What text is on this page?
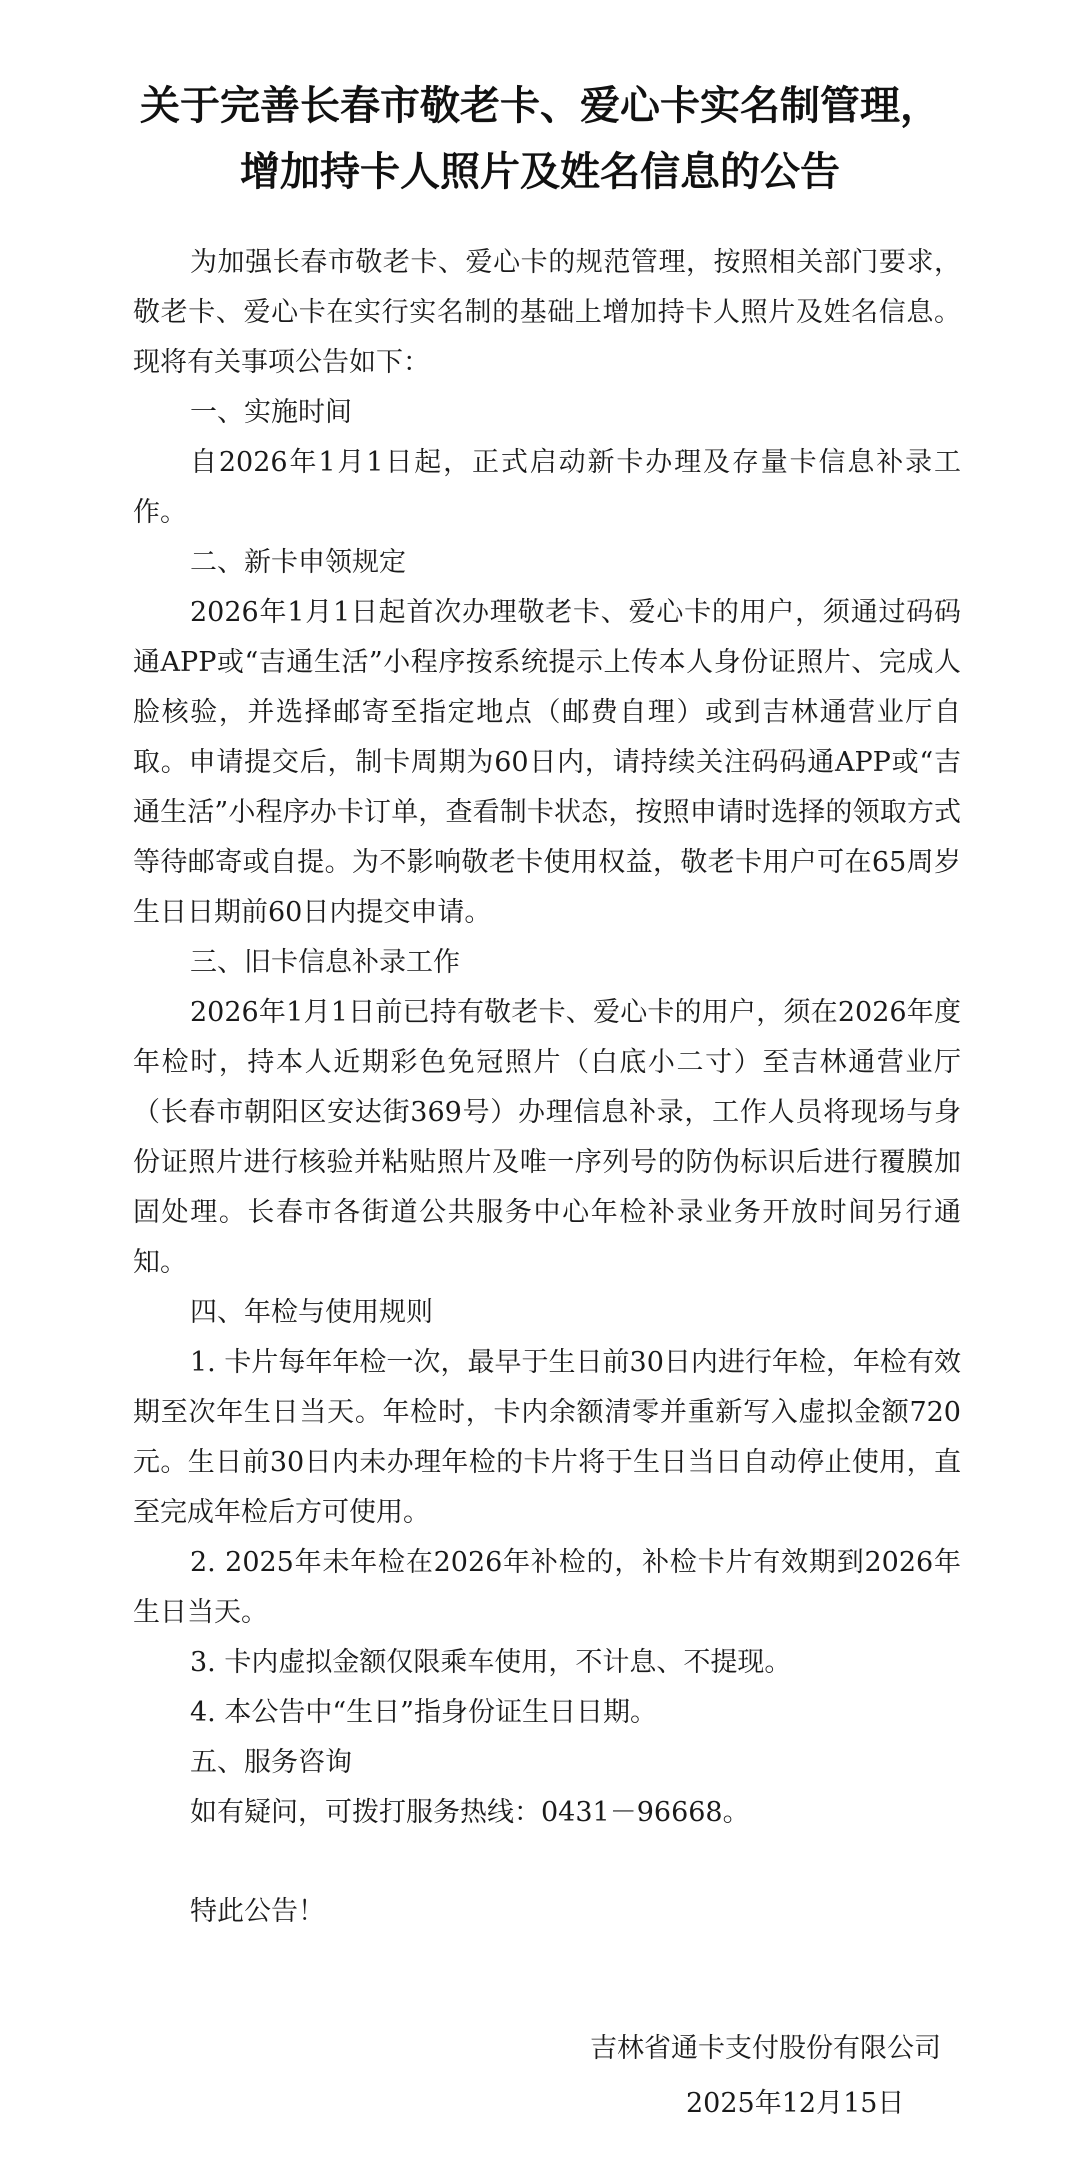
关于完善长春市敬老卡、爱心卡实名制管理，
增加持卡人照片及姓名信息的公告

为加强长春市敬老卡、爱心卡的规范管理，按照相关部门要求，敬老卡、爱心卡在实行实名制的基础上增加持卡人照片及姓名信息。现将有关事项公告如下：

一、实施时间

自2026年1月1日起，正式启动新卡办理及存量卡信息补录工作。

二、新卡申领规定

2026年1月1日起首次办理敬老卡、爱心卡的用户，须通过码码通APP或“吉通生活”小程序按系统提示上传本人身份证照片、完成人脸核验，并选择邮寄至指定地点（邮费自理）或到吉林通营业厅自取。申请提交后，制卡周期为60日内，请持续关注码码通APP或“吉通生活”小程序办卡订单，查看制卡状态，按照申请时选择的领取方式等待邮寄或自提。为不影响敬老卡使用权益，敬老卡用户可在65周岁生日日期前60日内提交申请。

三、旧卡信息补录工作

2026年1月1日前已持有敬老卡、爱心卡的用户，须在2026年度年检时，持本人近期彩色免冠照片（白底小二寸）至吉林通营业厅（长春市朝阳区安达街369号）办理信息补录，工作人员将现场与身份证照片进行核验并粘贴照片及唯一序列号的防伪标识后进行覆膜加固处理。长春市各街道公共服务中心年检补录业务开放时间另行通知。

四、年检与使用规则

1. 卡片每年年检一次，最早于生日前30日内进行年检，年检有效期至次年生日当天。年检时，卡内余额清零并重新写入虚拟金额720元。生日前30日内未办理年检的卡片将于生日当日自动停止使用，直至完成年检后方可使用。

2. 2025年未年检在2026年补检的，补检卡片有效期到2026年生日当天。

3. 卡内虚拟金额仅限乘车使用，不计息、不提现。

4. 本公告中“生日”指身份证生日日期。

五、服务咨询

如有疑问，可拨打服务热线：0431－96668。

特此公告！

吉林省通卡支付股份有限公司
2025年12月15日
